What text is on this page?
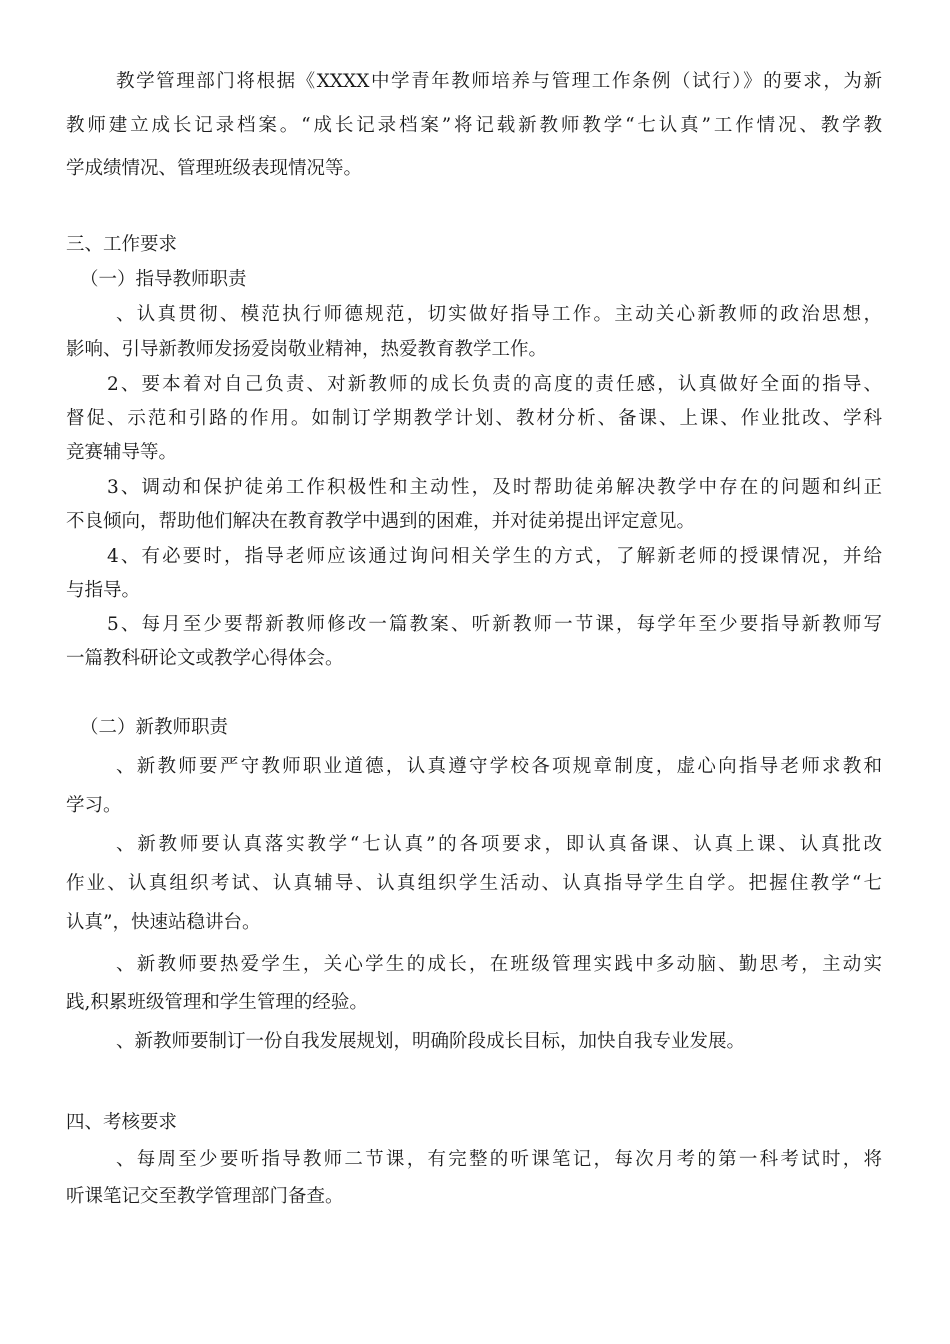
教学管理部门将根据《XXXX中学青年教师培养与管理工作条例（试行）》的要求，为新
教师建立成长记录档案。“成长记录档案”将记载新教师教学“七认真”工作情况、教学教
学成绩情况、管理班级表现情况等。
三、工作要求
（一）指导教师职责
、认真贯彻、模范执行师德规范，切实做好指导工作。主动关心新教师的政治思想，
影响、引导新教师发扬爱岗敬业精神，热爱教育教学工作。
2、要本着对自己负责、对新教师的成长负责的高度的责任感，认真做好全面的指导、
督促、示范和引路的作用。如制订学期教学计划、教材分析、备课、上课、作业批改、学科
竞赛辅导等。
3、调动和保护徒弟工作积极性和主动性，及时帮助徒弟解决教学中存在的问题和纠正
不良倾向，帮助他们解决在教育教学中遇到的困难，并对徒弟提出评定意见。
4、有必要时，指导老师应该通过询问相关学生的方式，了解新老师的授课情况，并给
与指导。
5、每月至少要帮新教师修改一篇教案、听新教师一节课，每学年至少要指导新教师写
一篇教科研论文或教学心得体会。
（二）新教师职责
、新教师要严守教师职业道德，认真遵守学校各项规章制度，虚心向指导老师求教和
学习。
、新教师要认真落实教学“七认真”的各项要求，即认真备课、认真上课、认真批改
作业、认真组织考试、认真辅导、认真组织学生活动、认真指导学生自学。把握住教学“七
认真”，快速站稳讲台。
、新教师要热爱学生，关心学生的成长，在班级管理实践中多动脑、勤思考，主动实
践,积累班级管理和学生管理的经验。
、新教师要制订一份自我发展规划，明确阶段成长目标，加快自我专业发展。
四、考核要求
、每周至少要听指导教师二节课，有完整的听课笔记，每次月考的第一科考试时，将
听课笔记交至教学管理部门备查。
